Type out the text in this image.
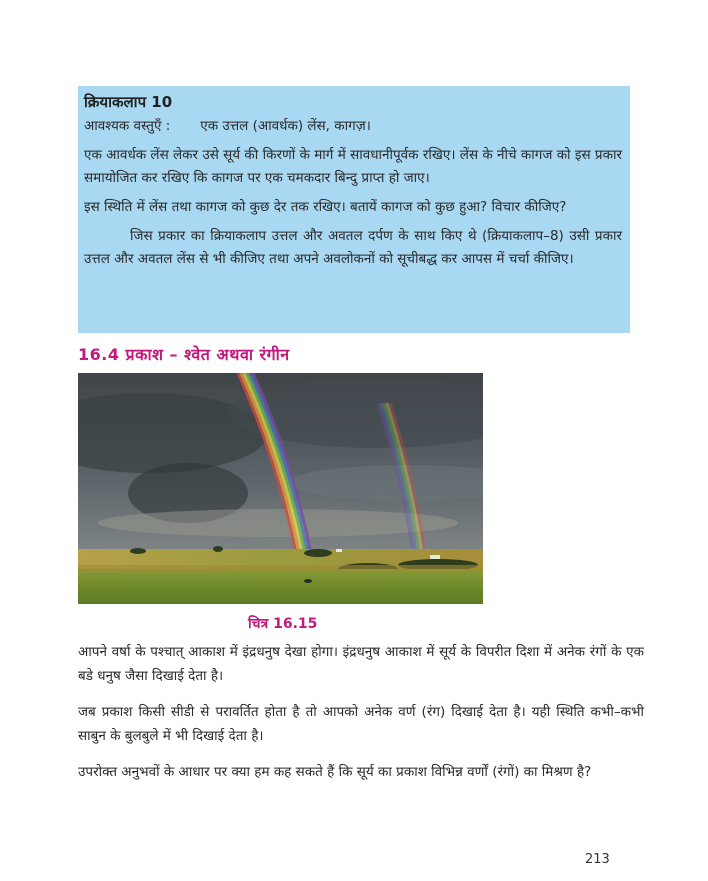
क्रियाकलाप 10
आवश्यक वस्तुएँ : एक उत्तल (आवर्धक) लेंस, कागज़।

एक आवर्धक लेंस लेकर उसे सूर्य की किरणों के मार्ग में सावधानीपूर्वक रखिए। लेंस के नीचे कागज को इस प्रकार समायोजित कर रखिए कि कागज पर एक चमकदार बिन्दु प्राप्त हो जाए।

इस स्थिति में लेंस तथा कागज को कुछ देर तक रखिए। बतायें कागज को कुछ हुआ? विचार कीजिए?

जिस प्रकार का क्रियाकलाप उत्तल और अवतल दर्पण के साथ किए थे (क्रियाकलाप–8) उसी प्रकार उत्तल और अवतल लेंस से भी कीजिए तथा अपने अवलोकनों को सूचीबद्ध कर आपस में चर्चा कीजिए।

16.4 प्रकाश – श्वेत अथवा रंगीन
चित्र 16.15

आपने वर्षा के पश्चात् आकाश में इंद्रधनुष देखा होगा। इंद्रधनुष आकाश में सूर्य के विपरीत दिशा में अनेक रंगों के एक बडे धनुष जैसा दिखाई देता है।

जब प्रकाश किसी सीडी से परावर्तित होता है तो आपको अनेक वर्ण (रंग) दिखाई देता है। यही स्थिति कभी–कभी साबुन के बुलबुले में भी दिखाई देता है।

उपरोक्त अनुभवों के आधार पर क्या हम कह सकते हैं कि सूर्य का प्रकाश विभिन्न वर्णों (रंगों) का मिश्रण है?

213
